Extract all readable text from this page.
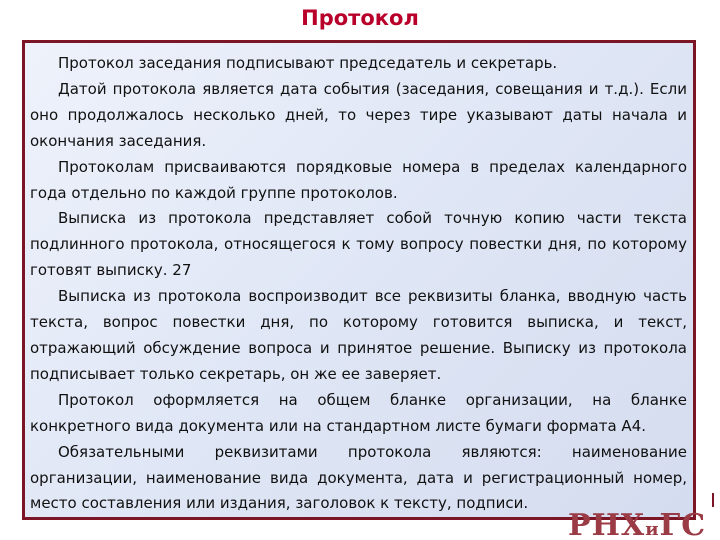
Протокол

Протокол заседания подписывают председатель и секретарь.

Датой протокола является дата события (заседания, совещания и т.д.). Если оно продолжалось несколько дней, то через тире указывают даты начала и окончания заседания.

Протоколам присваиваются порядковые номера в пределах календарного года отдельно по каждой группе протоколов.

Выписка из протокола представляет собой точную копию части текста подлинного протокола, относящегося к тому вопросу повестки дня, по которому готовят выписку. 27

Выписка из протокола воспроизводит все реквизиты бланка, вводную часть текста, вопрос повестки дня, по которому готовится выписка, и текст, отражающий обсуждение вопроса и принятое решение. Выписку из протокола подписывает только секретарь, он же ее заверяет.

Протокол оформляется на общем бланке организации, на бланке конкретного вида документа или на стандартном листе бумаги формата А4.

Обязательными реквизитами протокола являются: наименование организации, наименование вида документа, дата и регистрационный номер, место составления или издания, заголовок к тексту, подписи.

РНХиГС
